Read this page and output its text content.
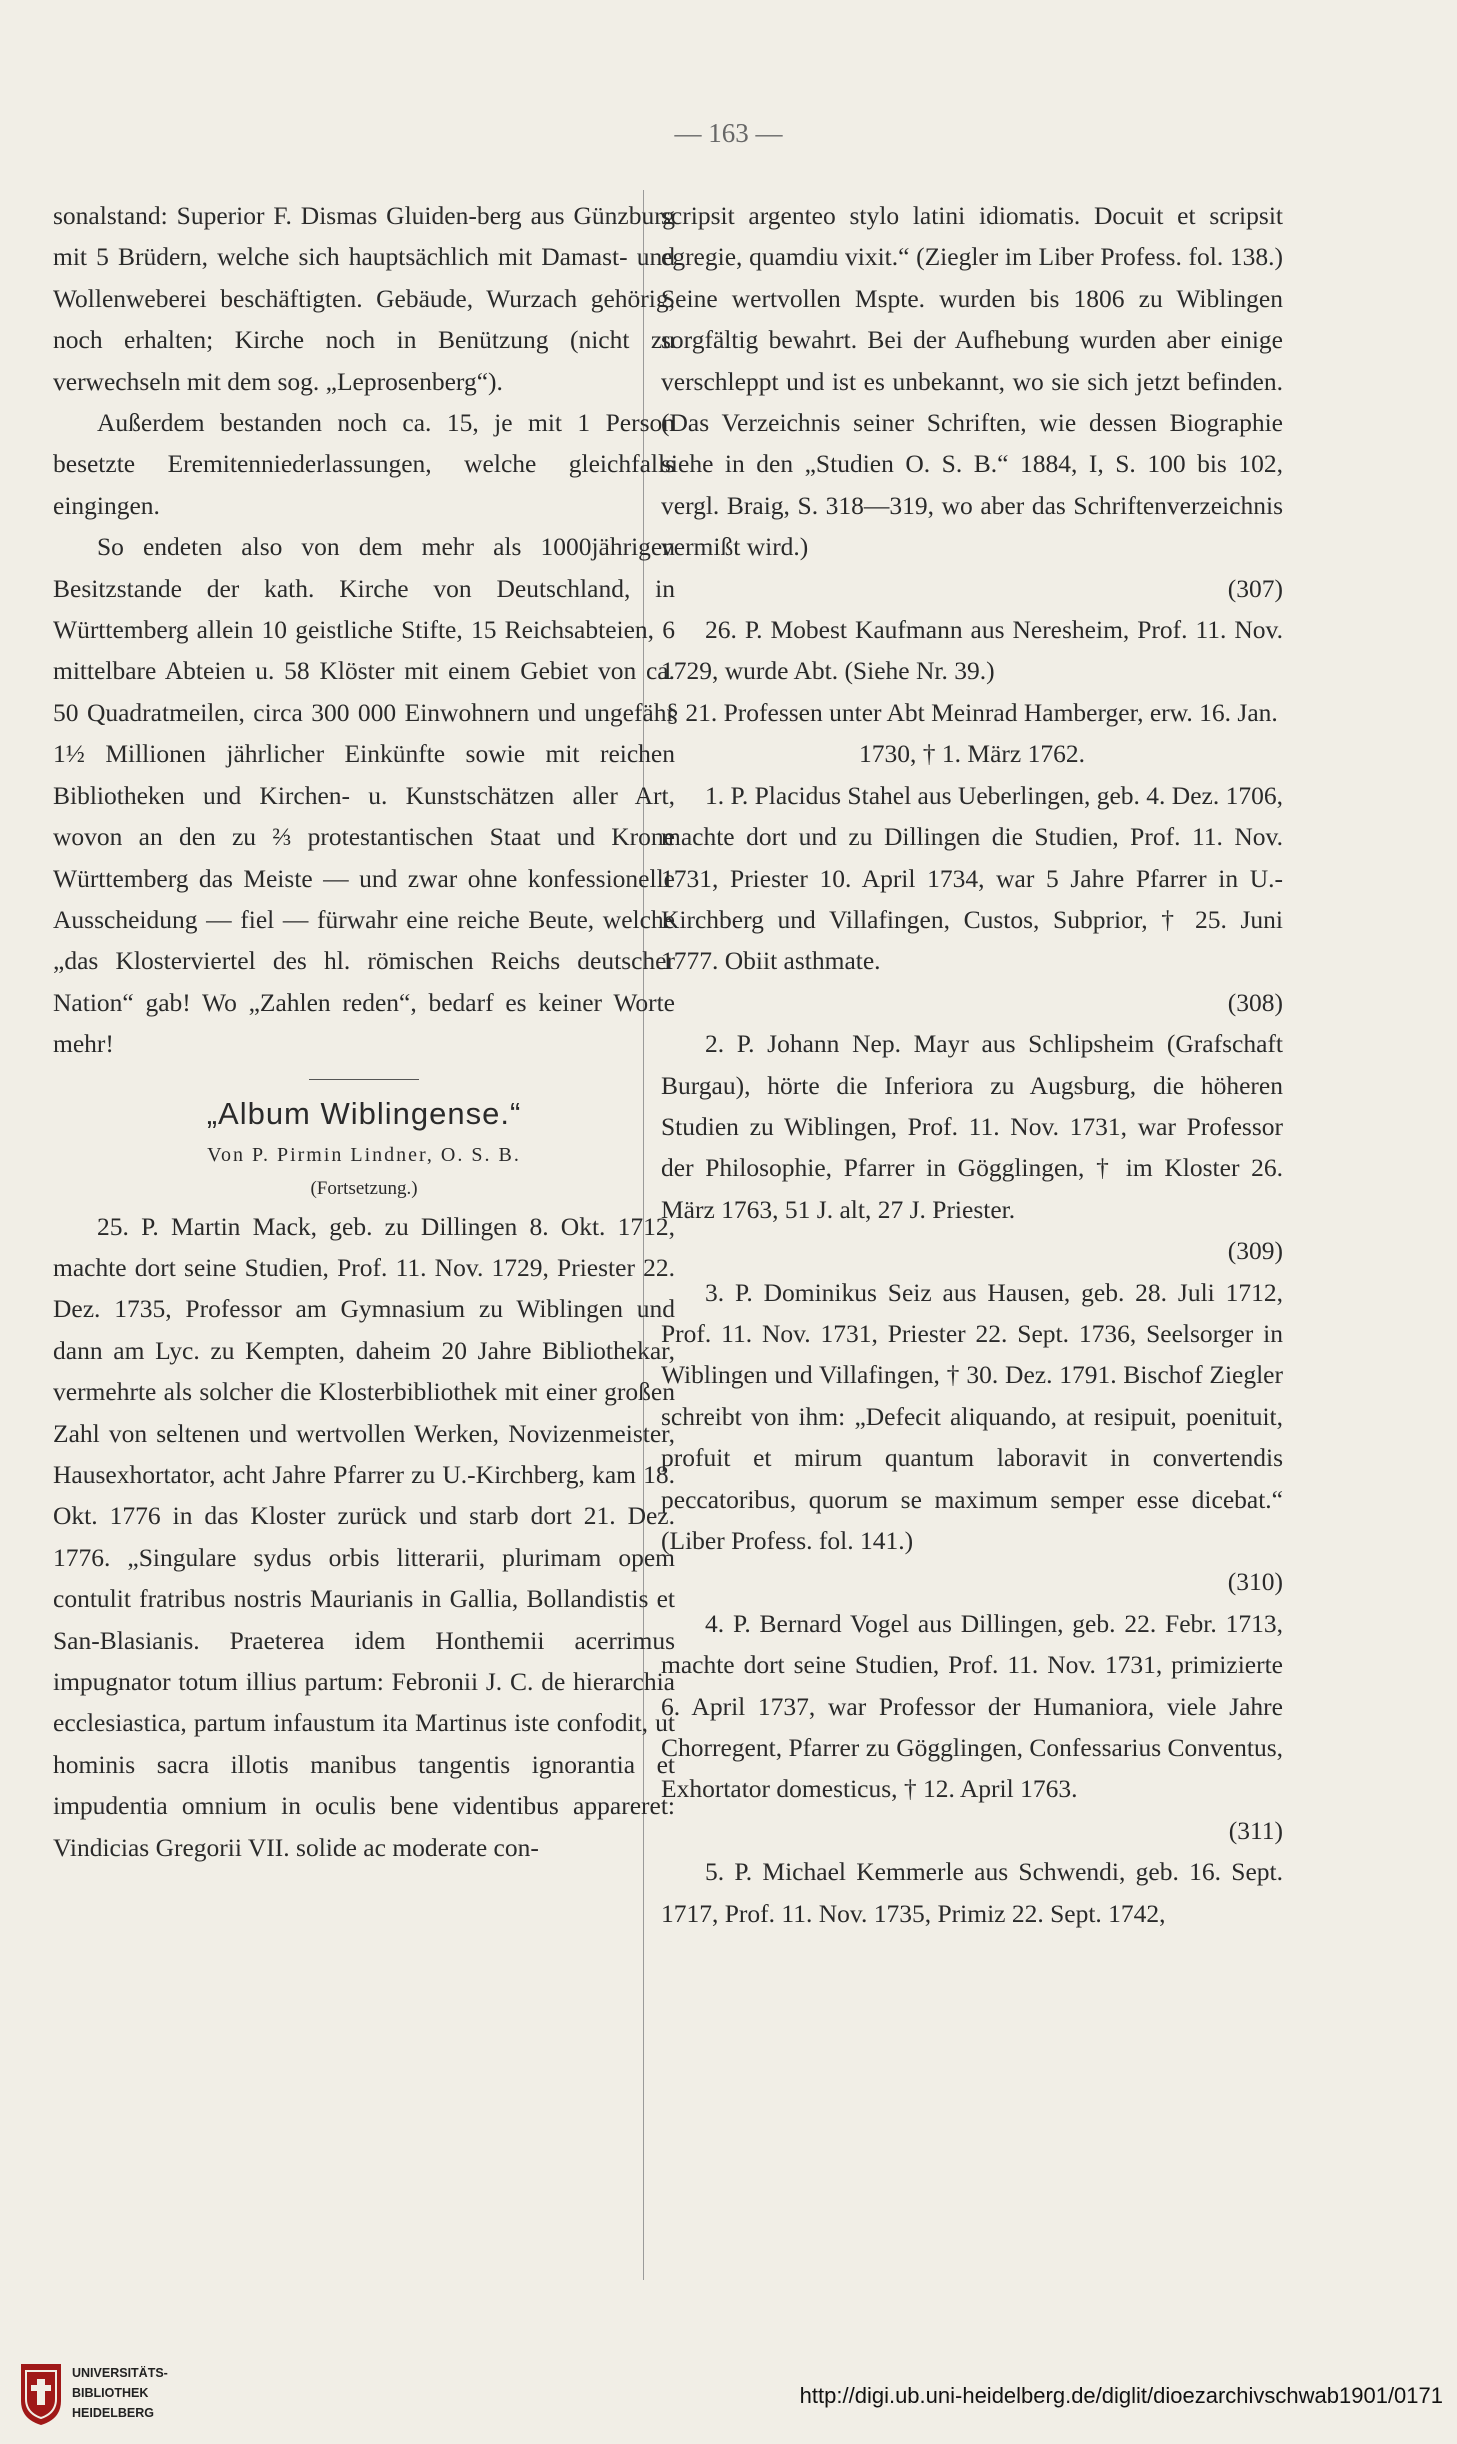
— 163 —

sonalstand: Superior F. Dismas Gluiden-berg aus Günzburg mit 5 Brüdern, welche sich hauptsächlich mit Damast- und Wollenweberei beschäftigten. Gebäude, Wurzach gehörig, noch erhalten; Kirche noch in Benützung (nicht zu verwechseln mit dem sog. „Leprosenberg“).

Außerdem bestanden noch ca. 15, je mit 1 Person besetzte Eremitenniederlassungen, welche gleichfalls eingingen.

So endeten also von dem mehr als 1000jährigen Besitzstande der kath. Kirche von Deutschland, in Württemberg allein 10 geistliche Stifte, 15 Reichsabteien, 6 mittelbare Abteien u. 58 Klöster mit einem Gebiet von ca. 50 Quadratmeilen, circa 300 000 Einwohnern und ungefähr 1½ Millionen jährlicher Einkünfte sowie mit reichen Bibliotheken und Kirchen- u. Kunstschätzen aller Art, wovon an den zu ⅔ protestantischen Staat und Krone Württemberg das Meiste — und zwar ohne konfessionelle Ausscheidung — fiel — fürwahr eine reiche Beute, welche „das Klosterviertel des hl. römischen Reichs deutscher Nation“ gab! Wo „Zahlen reden“, bedarf es keiner Worte mehr!

„Album Wiblingense.“

Von P. Pirmin Lindner, O. S. B.

(Fortsetzung.)

25. P. Martin Mack, geb. zu Dillingen 8. Okt. 1712, machte dort seine Studien, Prof. 11. Nov. 1729, Priester 22. Dez. 1735, Professor am Gymnasium zu Wiblingen und dann am Lyc. zu Kempten, daheim 20 Jahre Bibliothekar, vermehrte als solcher die Klosterbibliothek mit einer großen Zahl von seltenen und wertvollen Werken, Novizenmeister, Hausexhortator, acht Jahre Pfarrer zu U.-Kirchberg, kam 18. Okt. 1776 in das Kloster zurück und starb dort 21. Dez. 1776. „Singulare sydus orbis litterarii, plurimam opem contulit fratribus nostris Maurianis in Gallia, Bollandistis et San-Blasianis. Praeterea idem Honthemii acerrimus impugnator totum illius partum: Febronii J. C. de hierarchia ecclesiastica, partum infaustum ita Martinus iste confodit, ut hominis sacra illotis manibus tangentis ignorantia et impudentia omnium in oculis bene videntibus appareret: Vindicias Gregorii VII. solide ac moderate con-

scripsit argenteo stylo latini idiomatis. Docuit et scripsit egregie, quamdiu vixit.“ (Ziegler im Liber Profess. fol. 138.) Seine wertvollen Mspte. wurden bis 1806 zu Wiblingen sorgfältig bewahrt. Bei der Aufhebung wurden aber einige verschleppt und ist es unbekannt, wo sie sich jetzt befinden. (Das Verzeichnis seiner Schriften, wie dessen Biographie siehe in den „Studien O. S. B.“ 1884, I, S. 100 bis 102, vergl. Braig, S. 318—319, wo aber das Schriftenverzeichnis vermißt wird.)

(307)

26. P. Mobest Kaufmann aus Neresheim, Prof. 11. Nov. 1729, wurde Abt. (Siehe Nr. 39.)

§ 21. Professen unter Abt Meinrad Hamberger, erw. 16. Jan. 1730, † 1. März 1762.

1. P. Placidus Stahel aus Ueberlingen, geb. 4. Dez. 1706, machte dort und zu Dillingen die Studien, Prof. 11. Nov. 1731, Priester 10. April 1734, war 5 Jahre Pfarrer in U.-Kirchberg und Villafingen, Custos, Subprior, † 25. Juni 1777. Obiit asthmate.

(308)

2. P. Johann Nep. Mayr aus Schlipsheim (Grafschaft Burgau), hörte die Inferiora zu Augsburg, die höheren Studien zu Wiblingen, Prof. 11. Nov. 1731, war Professor der Philosophie, Pfarrer in Gögglingen, † im Kloster 26. März 1763, 51 J. alt, 27 J. Priester.

(309)

3. P. Dominikus Seiz aus Hausen, geb. 28. Juli 1712, Prof. 11. Nov. 1731, Priester 22. Sept. 1736, Seelsorger in Wiblingen und Villafingen, † 30. Dez. 1791. Bischof Ziegler schreibt von ihm: „Defecit aliquando, at resipuit, poenituit, profuit et mirum quantum laboravit in convertendis peccatoribus, quorum se maximum semper esse dicebat.“ (Liber Profess. fol. 141.)

(310)

4. P. Bernard Vogel aus Dillingen, geb. 22. Febr. 1713, machte dort seine Studien, Prof. 11. Nov. 1731, primizierte 6. April 1737, war Professor der Humaniora, viele Jahre Chorregent, Pfarrer zu Gögglingen, Confessarius Conventus, Exhortator domesticus, † 12. April 1763.

(311)

5. P. Michael Kemmerle aus Schwendi, geb. 16. Sept. 1717, Prof. 11. Nov. 1735, Primiz 22. Sept. 1742,

UNIVERSITÄTS-
BIBLIOTHEK
HEIDELBERG
http://digi.ub.uni-heidelberg.de/diglit/dioezarchivschwab1901/0171
